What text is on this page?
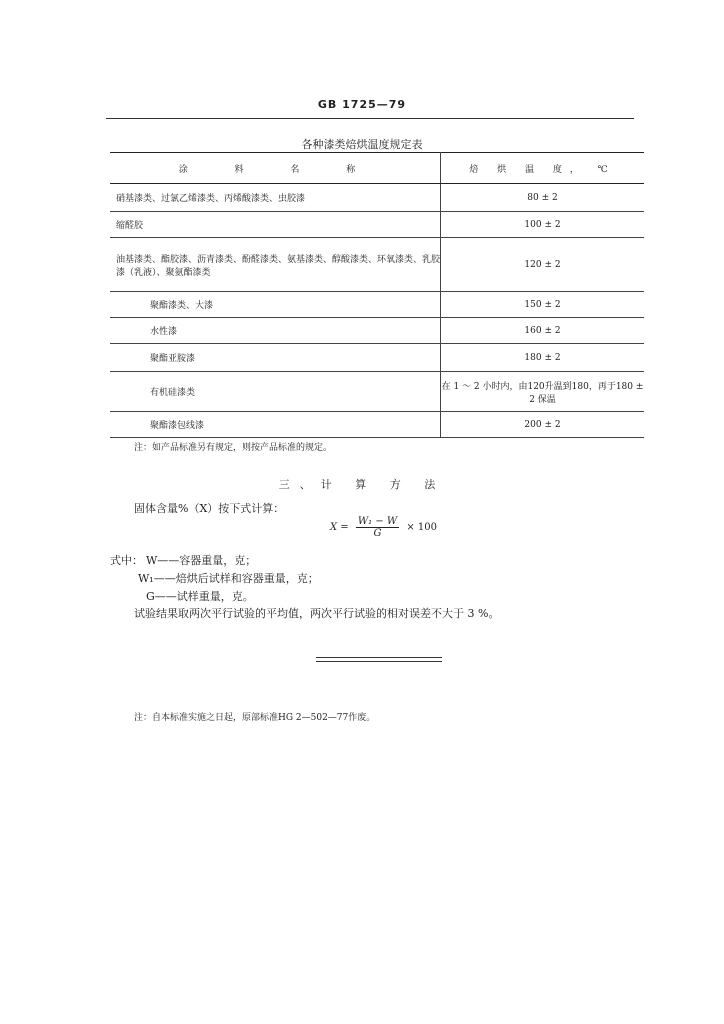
GB 1725—79
各种漆类焙烘温度规定表
涂 料 名 称	焙 烘 温 度， ℃
硝基漆类、过氯乙烯漆类、丙烯酸漆类、虫胶漆	80 ± 2
缩醛胶	100 ± 2
油基漆类、酯胶漆、沥青漆类、酚醛漆类、氨基漆类、醇酸漆类、环氧漆类、乳胶漆（乳液）、聚氨酯漆类	120 ± 2
聚酯漆类、大漆	150 ± 2
水性漆	160 ± 2
聚酯亚胺漆	180 ± 2
有机硅漆类	在 1 ～ 2 小时内，由120升温到180，再于180 ± 2 保温
聚酯漆包线漆	200 ± 2
注：如产品标准另有规定，则按产品标准的规定。
三、计 算 方 法
固体含量%（X）按下式计算：
$X = \frac{\text{W₁ − W}}{G} \times 100$
式中： W——容器重量，克；
W₁——焙烘后试样和容器重量，克；
G——试样重量，克。
试验结果取两次平行试验的平均值，两次平行试验的相对误差不大于 3 %。
注：自本标准实施之日起，原部标准HG 2—502—77作废。
